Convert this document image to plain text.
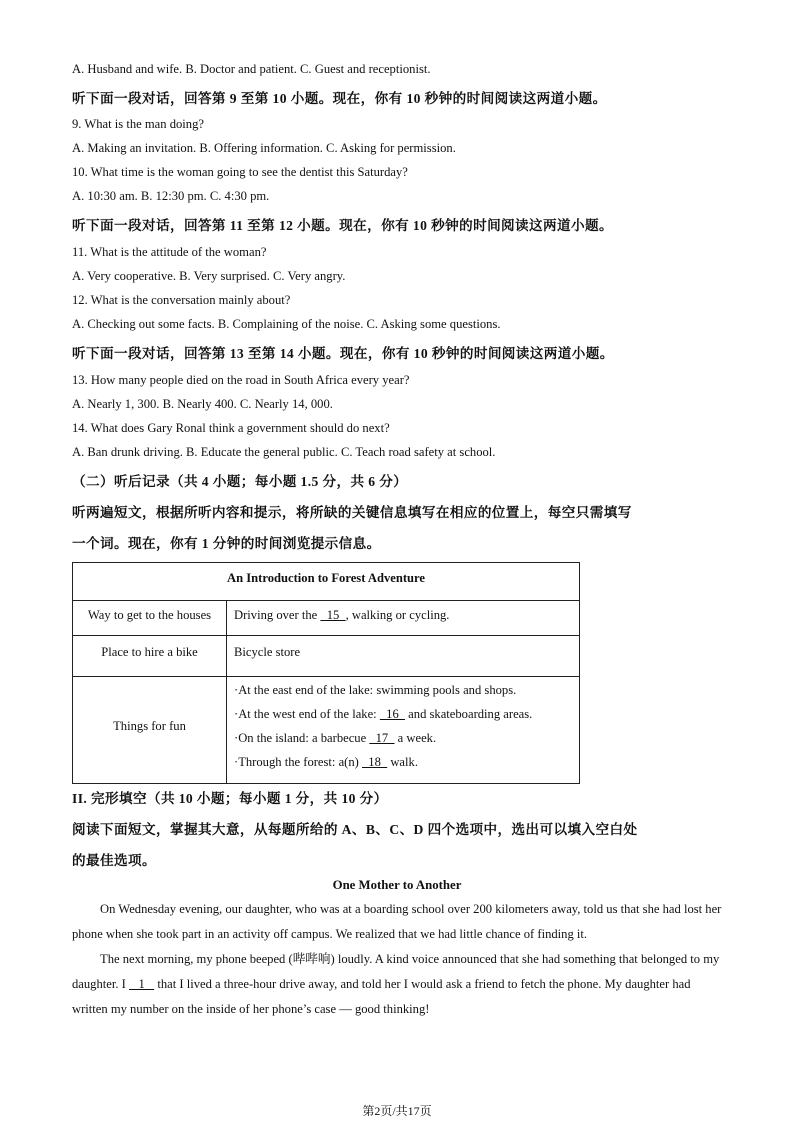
A. Husband and wife. B. Doctor and patient. C. Guest and receptionist.
听下面一段对话，回答第 9 至第 10 小题。现在，你有 10 秒钟的时间阅读这两道小题。
9. What is the man doing?
A. Making an invitation. B. Offering information. C. Asking for permission.
10. What time is the woman going to see the dentist this Saturday?
A. 10:30 am. B. 12:30 pm. C. 4:30 pm.
听下面一段对话，回答第 11 至第 12 小题。现在，你有 10 秒钟的时间阅读这两道小题。
11. What is the attitude of the woman?
A. Very cooperative. B. Very surprised. C. Very angry.
12. What is the conversation mainly about?
A. Checking out some facts. B. Complaining of the noise. C. Asking some questions.
听下面一段对话，回答第 13 至第 14 小题。现在，你有 10 秒钟的时间阅读这两道小题。
13. How many people died on the road in South Africa every year?
A. Nearly 1, 300. B. Nearly 400. C. Nearly 14, 000.
14. What does Gary Ronal think a government should do next?
A. Ban drunk driving. B. Educate the general public. C. Teach road safety at school.
（二）听后记录（共 4 小题；每小题 1.5 分，共 6 分）
听两遍短文，根据所听内容和提示，将所缺的关键信息填写在相应的位置上，每空只需填写
一个词。现在，你有 1 分钟的时间浏览提示信息。
An Introduction to Forest Adventure
Way to get to the houses	Driving over the   15  , walking or cycling.
Place to hire a bike	Bicycle store
Things for fun
·At the east end of the lake: swimming pools and shops.
·At the west end of the lake:   16   and skateboarding areas.
·On the island: a barbecue   17   a week.
·Through the forest: a(n)   18   walk.
II. 完形填空（共 10 小题；每小题 1 分，共 10 分）
阅读下面短文，掌握其大意，从每题所给的 A、B、C、D 四个选项中，选出可以填入空白处
的最佳选项。
One Mother to Another
On Wednesday evening, our daughter, who was at a boarding school over 200 kilometers away, told us that she had lost her phone when she took part in an activity off campus. We realized that we had little chance of finding it.
The next morning, my phone beeped (哔哔响) loudly. A kind voice announced that she had something that belonged to my daughter. I    1    that I lived a three-hour drive away, and told her I would ask a friend to fetch the phone. My daughter had written my number on the inside of her phone’s case — good thinking!
第2页/共17页
